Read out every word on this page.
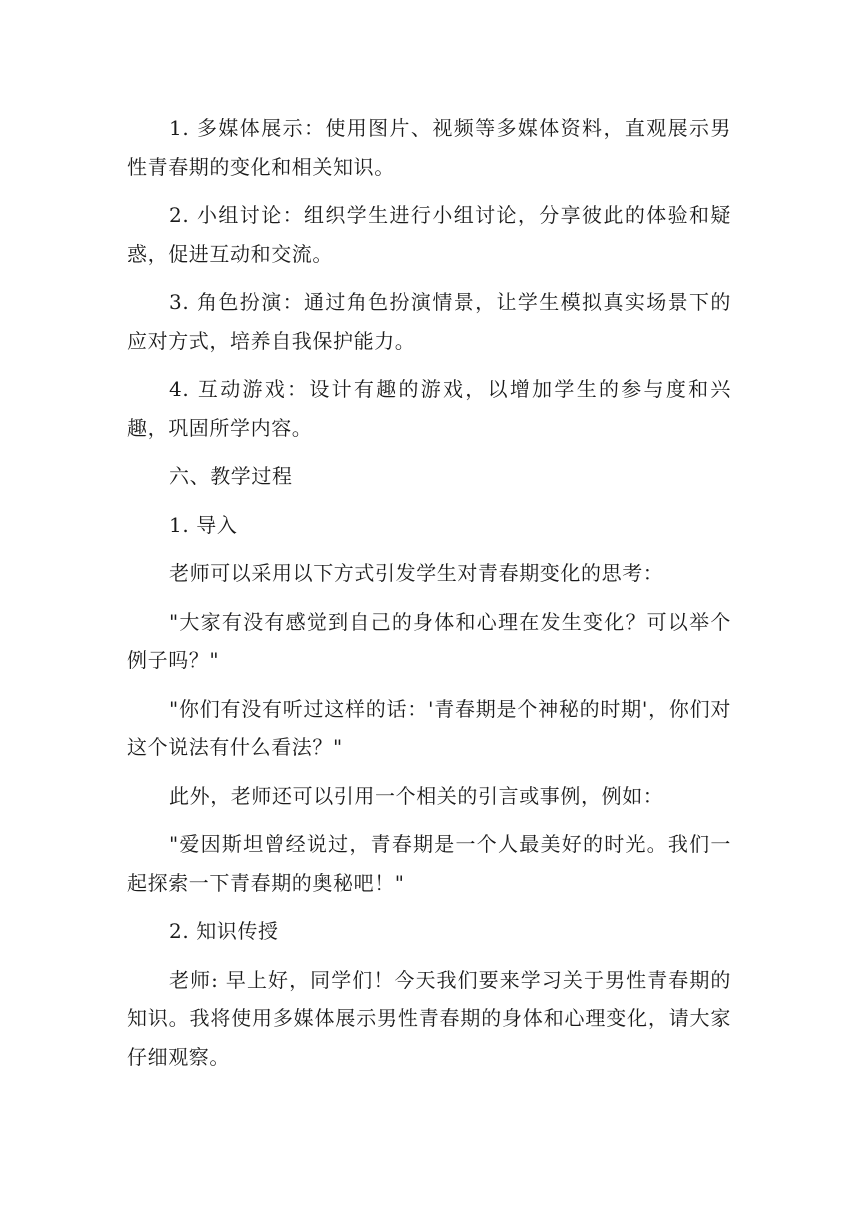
1. 多媒体展示：使用图片、视频等多媒体资料，直观展示男性青春期的变化和相关知识。

2. 小组讨论：组织学生进行小组讨论，分享彼此的体验和疑惑，促进互动和交流。

3. 角色扮演：通过角色扮演情景，让学生模拟真实场景下的应对方式，培养自我保护能力。

4. 互动游戏：设计有趣的游戏，以增加学生的参与度和兴趣，巩固所学内容。

六、教学过程

1. 导入

老师可以采用以下方式引发学生对青春期变化的思考：

"大家有没有感觉到自己的身体和心理在发生变化？可以举个例子吗？"

"你们有没有听过这样的话：'青春期是个神秘的时期'，你们对这个说法有什么看法？"

此外，老师还可以引用一个相关的引言或事例，例如：

"爱因斯坦曾经说过，青春期是一个人最美好的时光。我们一起探索一下青春期的奥秘吧！"

2. 知识传授

老师: 早上好，同学们！今天我们要来学习关于男性青春期的知识。我将使用多媒体展示男性青春期的身体和心理变化，请大家仔细观察。
